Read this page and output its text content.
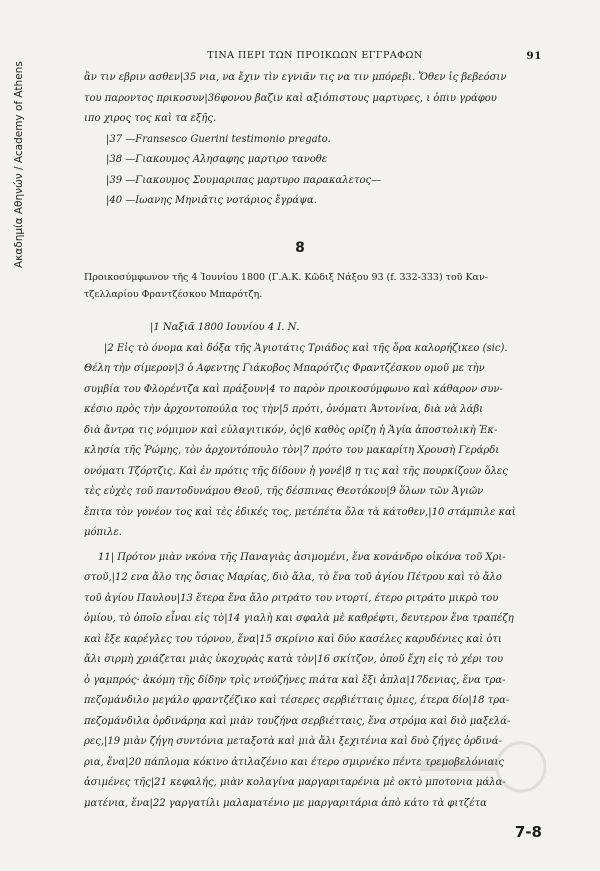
Ακαδημία Αθηνών / Academy of Athens
ΤΙΝΑ ΠΕΡΙ ΤΩΝ ΠΡΟΙΚΩΩΝ ΕΓΓΡΑΦΩΝ	91
ἂν τιν εβριν ασθεν|35 νια, να ἔχιν τὶν εγνιᾶν τις να τιν μπόρεβι. Ὅθεν ἰς βεβεόσιν
του παροντος πρικοσυν|36φονου βαζιν καὶ αξιόπιστους μαρτυρες, ι ὀπιυ γράφου
ιπο χιρος τος καὶ τα εξῆς.
|37 —Fransesco Guerini testimonio pregato.
|38 —Γιακουμος Αλησαφης μαρτιρο τανοθε
|39 —Γιακουμος Σουμαριπας μαρτυρο παρακαλετος—
|40 —Ιωανης Μηνιᾶτις νοτάριος ἔγράψα.
8
Προικοσύμφωνον τῆς 4 Ἰουνίου 1800 (Γ.Α.Κ. Κῶδιξ Νάξου 93 (f. 332-333) τοῦ Καν-
τζελλαρίου Φραντζέσκου Μπαρότζη.
|1 Ναξιᾶ 1800 Ιουνίου 4 Ι. Ν.
|2 Εἰς τὸ όνομα καὶ δόξα τῆς Ἁγιοτάτις Τριάδος καὶ τῆς ὅρα καλορήζικεο (sic).
Θέλη τὴν σίμερον|3 ὁ Αφεντης Γιάκοβος Μπαρότζις Φραντζέσκου ομοῦ με τὴν
συμβία του Φλορέντζα καὶ πράξουν|4 το παρὸν προικοσύμφωνο καὶ κάθαρον συν-
κέσιο πρὸς τὴν ἀρχοντοπούλα τος τὴν|5 πρότι, ὀνόματι Ἀντονίνα, διὰ νὰ λάβι
διὰ ἄντρα τις νόμιμον καὶ εὐλαγιτικόν, ὀς|6 καθὸς ορίζη ἡ Ἁγία ἀποστολικὴ Ἐκ-
κλησία τῆς Ῥώμης, τὸν ἀρχοντόπουλο τὸν|7 πρότο του μακαρίτη Χρουσὴ Γεράρδι
ονόματι Τζόρτζις. Καὶ ἐν πρότις τῆς δίδουν ἡ γονέ|8 η τις καὶ τῆς πουρκίζουν ὅλες
τὲς εὐχὲς τοῦ παντοδυνάμου Θεοῦ, τῆς δέσπινας Θεοτόκου|9 ὅλων τῶν Ἁγιῶν
ἔπιτα τὸν γονέον τος καὶ τὲς ἐδικές τος, μετέπέτα ὄλα τὰ κάτοθεν,|10 στάμπιλε καὶ
μόπιλε.
11| Πρότον μιὰν νκόνα τῆς Παναγιὰς ἀσιμομένι, ἕνα κονάνδρο οἰκόνα τοῦ Χρι-
στοῦ,|12 ενα ἄλο της ὅσιας Μαρίας, διὸ ἄλα, τὸ ἕνα τοῦ ἁγίου Πέτρου καὶ τὸ ἄλο
τοῦ ἁγίου Παυλου|13 ἕτερα ἕνα ἄλο ριτράτο του ντορτί, έτερο ριτράτο μικρὸ του
ὀμίου, τὸ ὀποῖο εἶναι εἰς τὸ|14 γιαλὴ και σφαλὰ μὲ καθρέφτι, δευτερον ἕνα τραπέζη
καὶ ἔξε καρέγλες του τόρνου, ἕνα|15 σκρίνιο καὶ δύο κασέλες καρυδένιες καὶ ὀτι
ἄλι σιρμὴ χριάζεται μιὰς ὑκοχυρὰς κατὰ τὸν|16 σκίτζον, ὁποῦ ἔχη εἰς τὸ χέρι του
ὁ γαμπρός· ἀκόμη τῆς δίδην τρὶς ντούζήνες πιάτα καὶ ἔξι ἀπλα|17δενιας, ἕνα τρα-
πεζομάνδιλο μεγάλο φραντζέζικο καὶ τέσερες σερβιέτταις ὀμιες, έτερα δίο|18 τρα-
πεζομάνδιλα ὀρδινάρηα καὶ μιὰν τουζήνα σερβιέτταις, ἕνα στρόμα καὶ διὸ μαξελά-
ρες,|19 μιὰν ζήγη συντόνια μεταξοτὰ καὶ μιὰ ἄλι ξεχιτένια καὶ δυὸ ζήγες ὀρδινά-
ρια, ἕνα|20 πάπλομα κόκινο ἀτιλαζένιο και έτερο σμιρνέκο πέντε τρεμοβελόνιαις
ἀσιμένες τῆς|21 κεφαλής, μιὰν κολαγίνα μαργαριταρένια μὲ οκτὸ μποτονια μάλα-
ματένια, ἕνα|22 γαργατίλι μαλαματένιο με μαργαριτάρια ἀπὸ κάτο τὰ φιτζέτα
7-8
